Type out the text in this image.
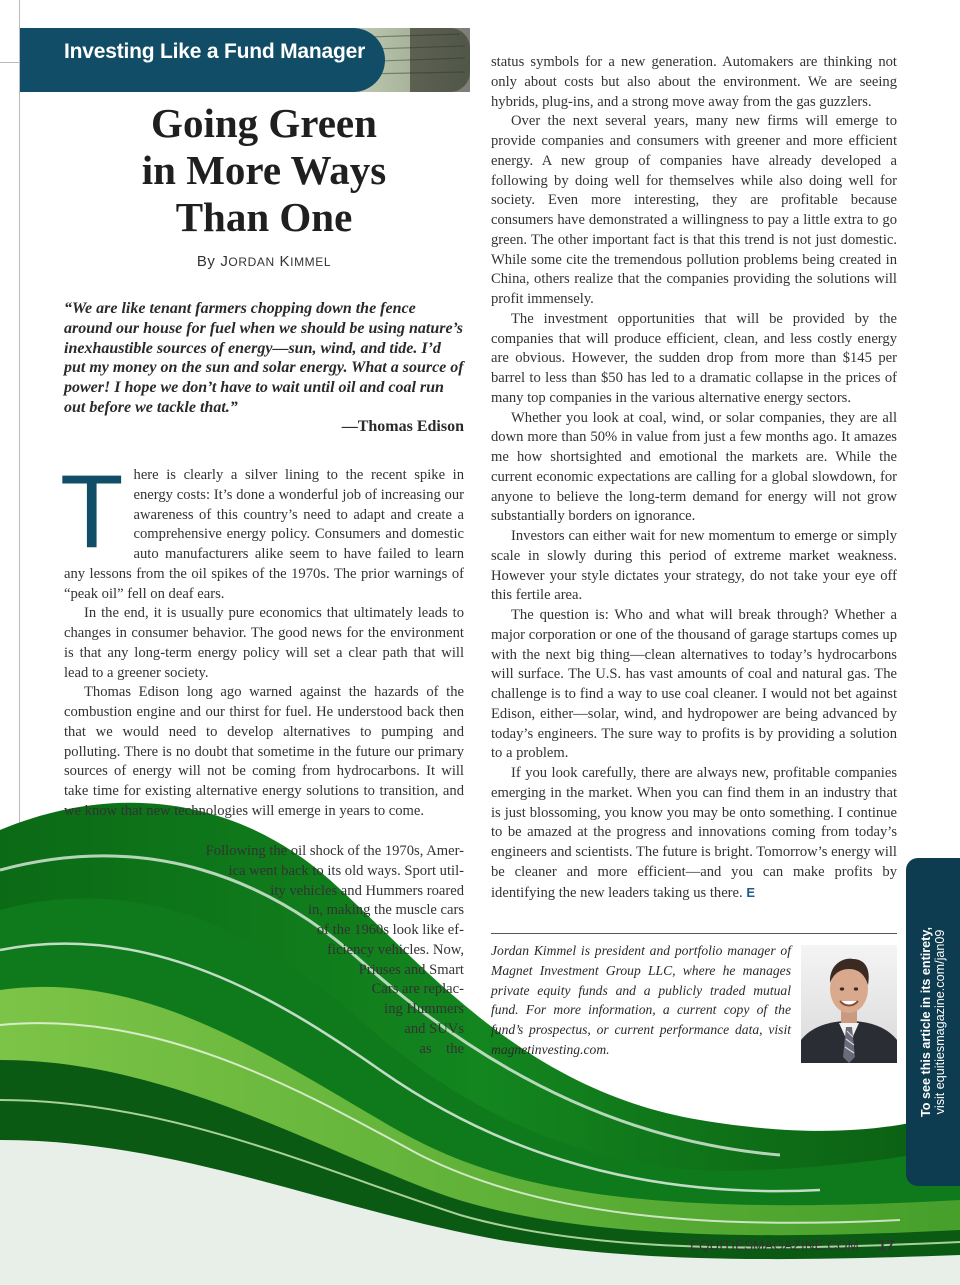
Investing Like a Fund Manager
Going Green
in More Ways
Than One
By JORDAN KIMMEL
“We are like tenant farmers chopping down the fence around our house for fuel when we should be using nature’s inexhaustible sources of energy—sun, wind, and tide. I’d put my money on the sun and solar energy. What a source of power! I hope we don’t have to wait until oil and coal run out before we tackle that.”
—Thomas Edison
T here is clearly a silver lining to the recent spike in energy costs: It’s done a wonderful job of increasing our awareness of this country’s need to adapt and create a comprehensive energy policy. Consumers and domestic auto manufacturers alike seem to have failed to learn any lessons from the oil spikes of the 1970s. The prior warnings of “peak oil” fell on deaf ears.

In the end, it is usually pure economics that ultimately leads to changes in consumer behavior. The good news for the environment is that any long-term energy policy will set a clear path that will lead to a greener society.

Thomas Edison long ago warned against the hazards of the combustion engine and our thirst for fuel. He understood back then that we would need to develop alternatives to pumping and polluting. There is no doubt that sometime in the future our primary sources of energy will not be coming from hydrocarbons. It will take time for existing alternative energy solutions to transition, and we know that new technologies will emerge in years to come.

Following the oil shock of the 1970s, Amer-
ica went back to its old ways. Sport util-
ity vehicles and Hummers roared
in, making the muscle cars
of the 1960s look like ef-
ficiency vehicles. Now,
Priuses and Smart
Cars are replac-
ing Hummers
and SUVs
as    the

status symbols for a new generation. Automakers are thinking not only about costs but also about the environment. We are seeing hybrids, plug-ins, and a strong move away from the gas guzzlers.

Over the next several years, many new firms will emerge to provide companies and consumers with greener and more efficient energy. A new group of companies have already developed a following by doing well for themselves while also doing well for society. Even more interesting, they are profitable because consumers have demonstrated a willingness to pay a little extra to go green. The other important fact is that this trend is not just domestic. While some cite the tremendous pollution problems being created in China, others realize that the companies providing the solutions will profit immensely.

The investment opportunities that will be provided by the companies that will produce efficient, clean, and less costly energy are obvious. However, the sudden drop from more than $145 per barrel to less than $50 has led to a dramatic collapse in the prices of many top companies in the various alternative energy sectors.

Whether you look at coal, wind, or solar companies, they are all down more than 50% in value from just a few months ago. It amazes me how shortsighted and emotional the markets are. While the current economic expectations are calling for a global slowdown, for anyone to believe the long-term demand for energy will not grow substantially borders on ignorance.

Investors can either wait for new momentum to emerge or simply scale in slowly during this period of extreme market weakness. However your style dictates your strategy, do not take your eye off this fertile area.

The question is: Who and what will break through? Whether a major corporation or one of the thousand of garage startups comes up with the next big thing—clean alternatives to today’s hydrocarbons will surface. The U.S. has vast amounts of coal and natural gas. The challenge is to find a way to use coal cleaner. I would not bet against Edison, either—solar, wind, and hydropower are being advanced by today’s engineers. The sure way to profits is by providing a solution to a problem.

If you look carefully, there are always new, profitable companies emerging in the market. When you can find them in an industry that is just blossoming, you know you may be onto something. I continue to be amazed at the progress and innovations coming from today’s engineers and scientists. The future is bright. Tomorrow’s energy will be cleaner and more efficient—and you can make profits by identifying the new leaders taking us there. E

Jordan Kimmel is president and portfolio manager of Magnet Investment Group LLC, where he manages private equity funds and a publicly traded mutual fund. For more information, a current copy of the fund’s prospectus, or current performance data, visit magnetinvesting.com.	To see this article in its entirety, visit equitiesmagazine.com/jan09
EQUITIESMAGAZINE.COM 17
